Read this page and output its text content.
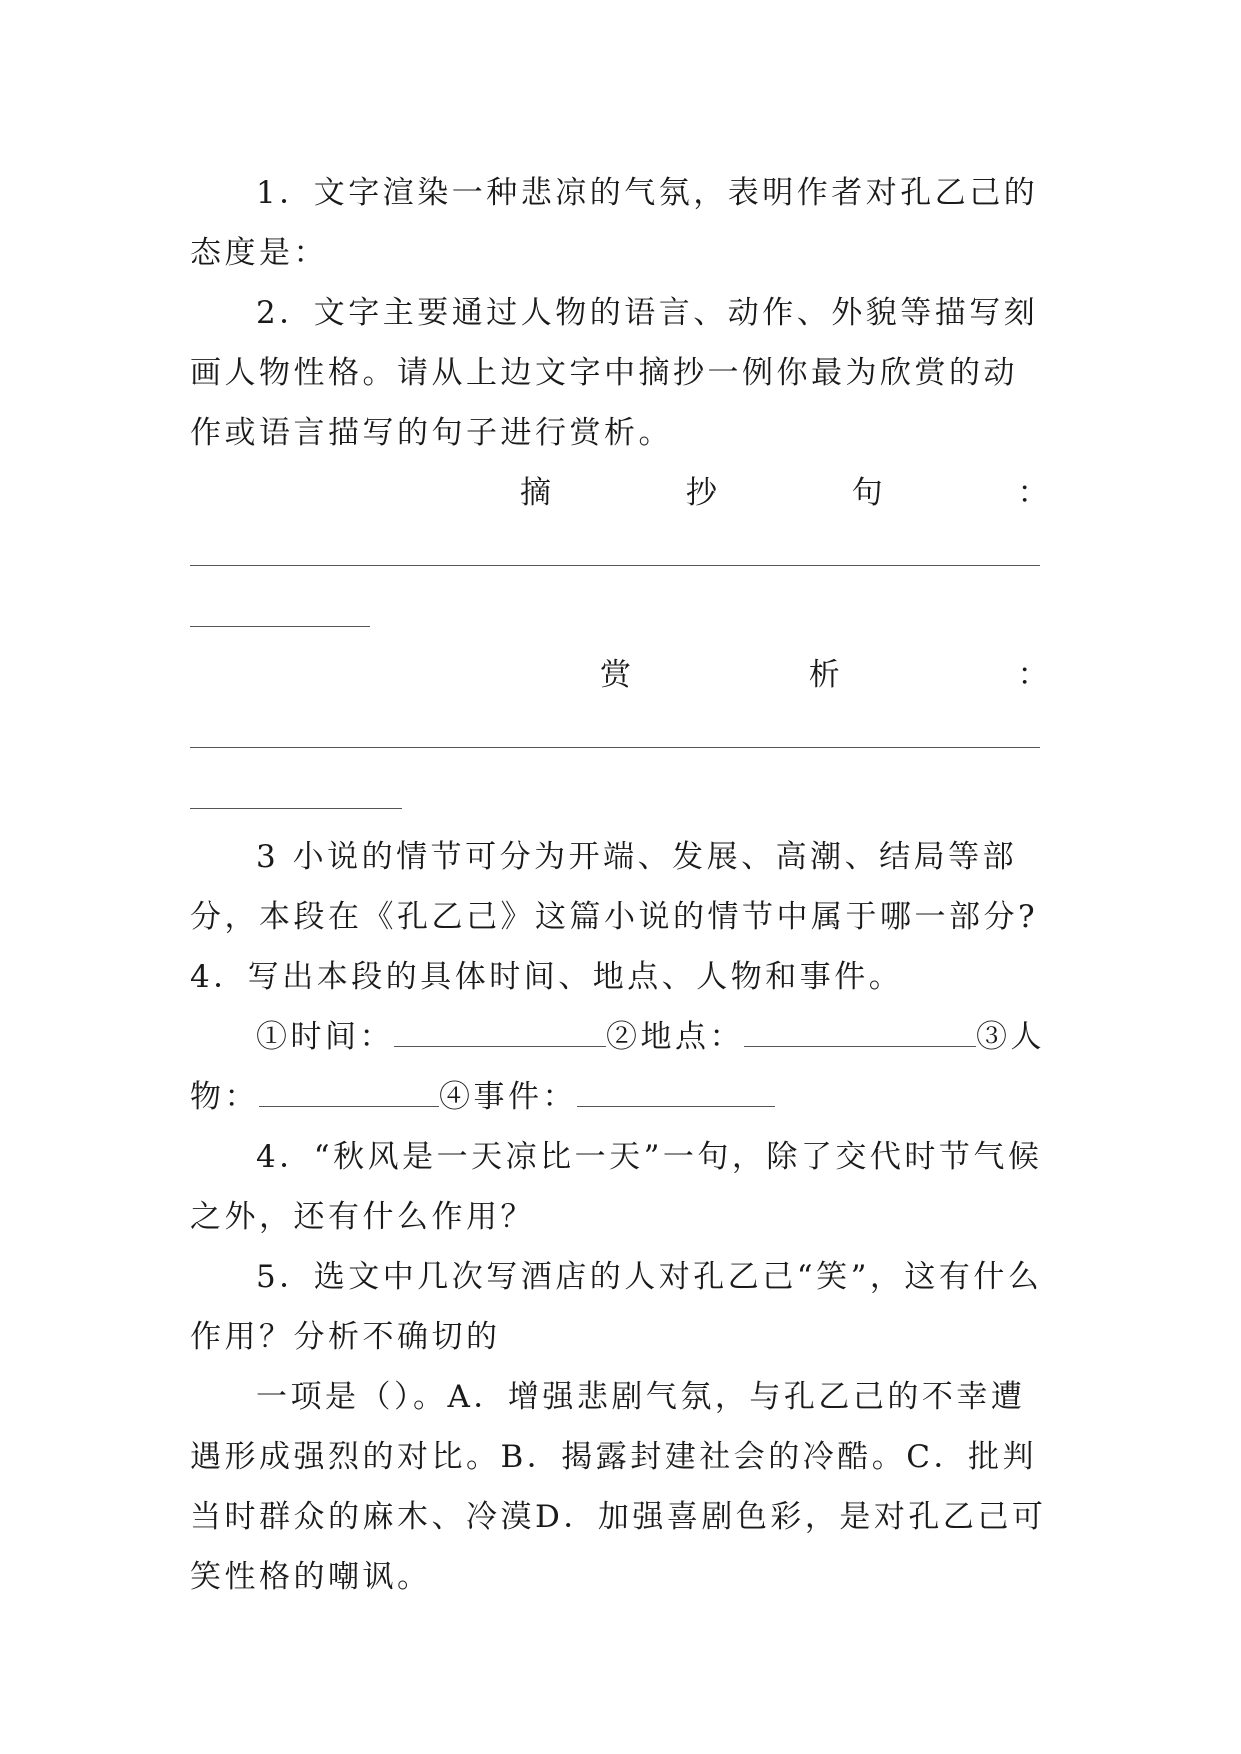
1．文字渲染一种悲凉的气氛，表明作者对孔乙己的态度是：

2．文字主要通过人物的语言、动作、外貌等描写刻画人物性格。请从上边文字中摘抄一例你最为欣赏的动作或语言描写的句子进行赏析。

摘	抄	句	：
赏	析	：

3 小说的情节可分为开端、发展、高潮、结局等部分，本段在《孔乙己》这篇小说的情节中属于哪一部分?4．写出本段的具体时间、地点、人物和事件。

①时间：	②地点：	③人
物：	④事件：

4．“秋风是一天凉比一天”一句，除了交代时节气候之外，还有什么作用？

5．选文中几次写酒店的人对孔乙己“笑”，这有什么作用？分析不确切的

一项是（）。A．增强悲剧气氛，与孔乙己的不幸遭遇形成强烈的对比。B．揭露封建社会的冷酷。C．批判当时群众的麻木、冷漠D．加强喜剧色彩，是对孔乙己可笑性格的嘲讽。
